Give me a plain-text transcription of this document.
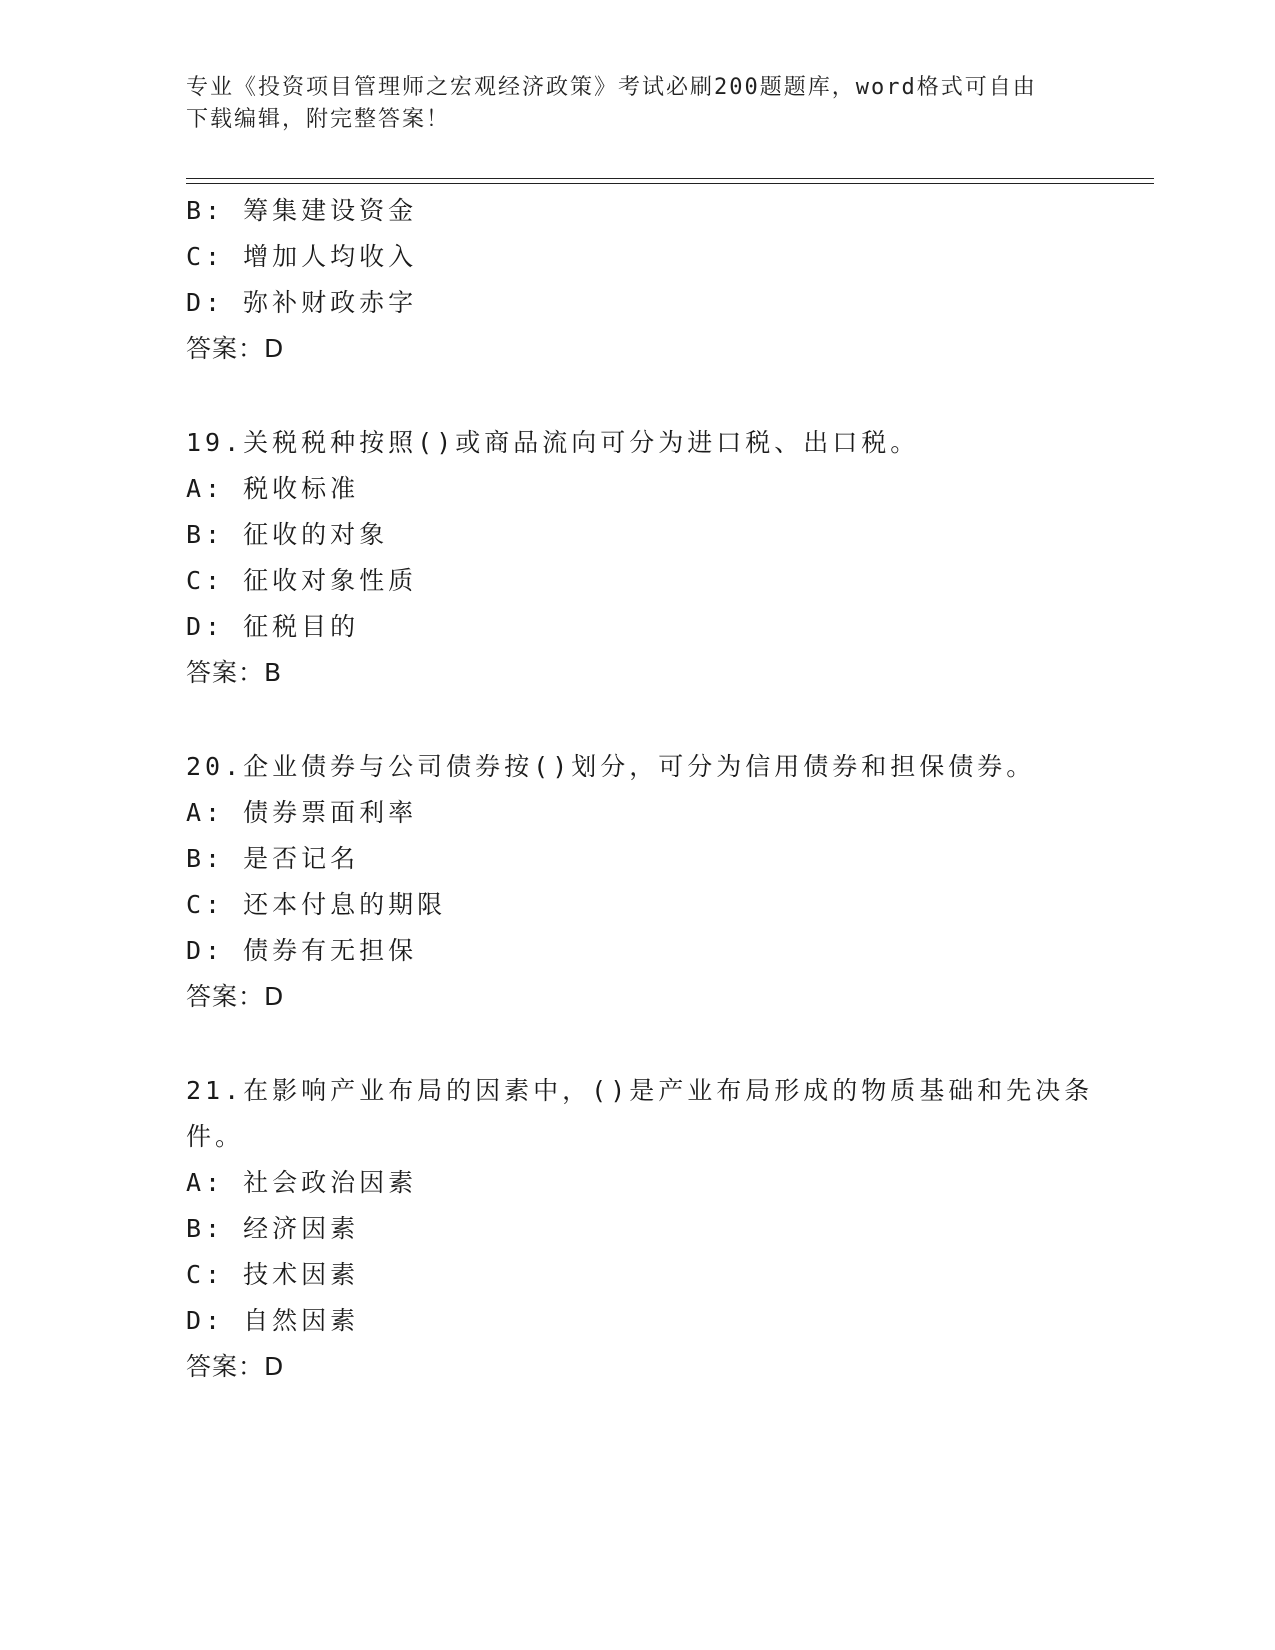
专业《投资项目管理师之宏观经济政策》考试必刷200题题库，word格式可自由
下载编辑，附完整答案！
B: 筹集建设资金
C: 增加人均收入
D: 弥补财政赤字
答案：D
19.关税税种按照()或商品流向可分为进口税、出口税。
A: 税收标准
B: 征收的对象
C: 征收对象性质
D: 征税目的
答案：B
20.企业债券与公司债券按()划分，可分为信用债券和担保债券。
A: 债券票面利率
B: 是否记名
C: 还本付息的期限
D: 债券有无担保
答案：D
21.在影响产业布局的因素中，()是产业布局形成的物质基础和先决条
件。
A: 社会政治因素
B: 经济因素
C: 技术因素
D: 自然因素
答案：D
